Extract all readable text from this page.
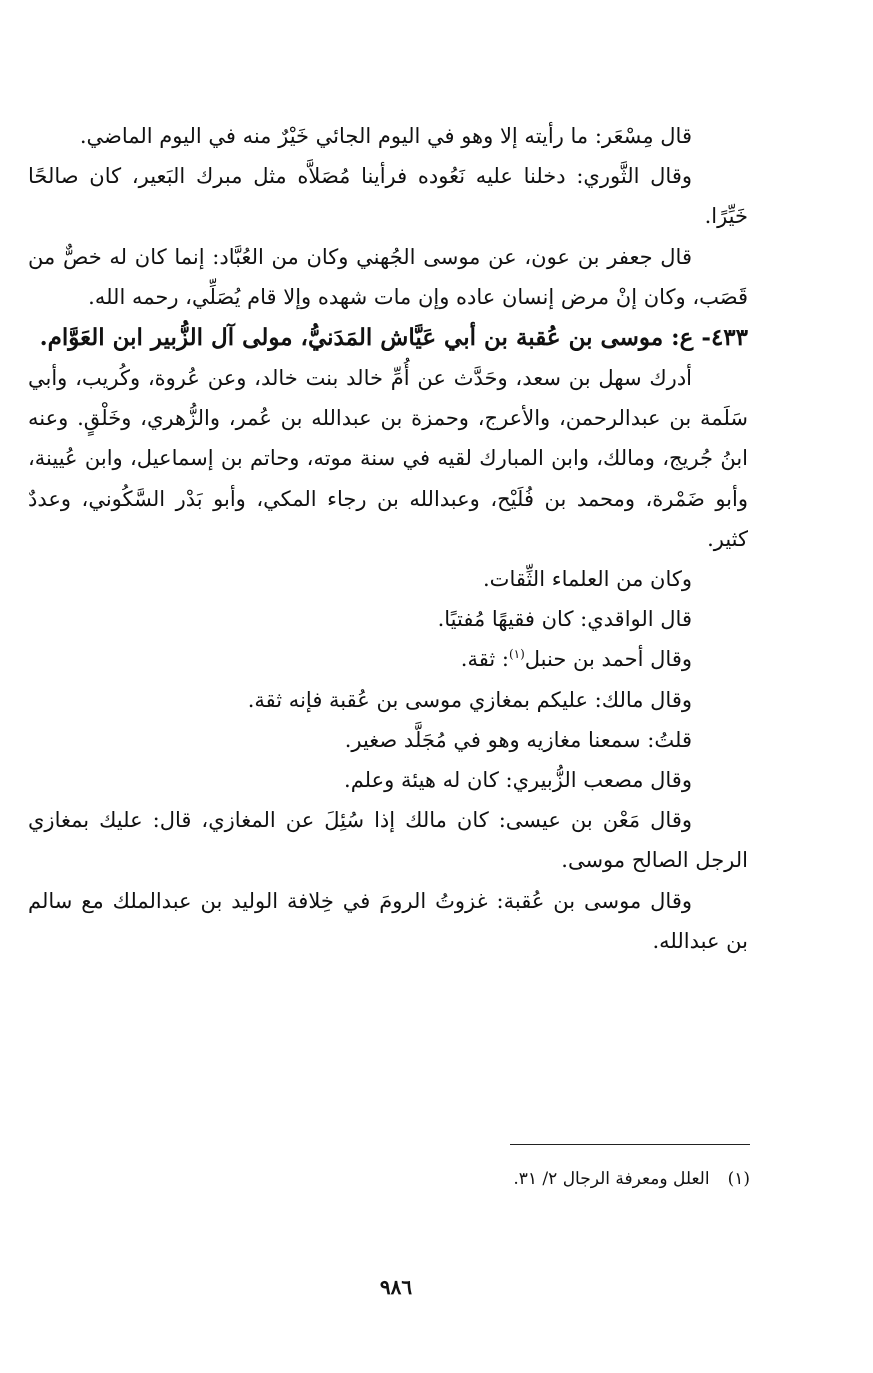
قال مِسْعَر: ما رأيته إلا وهو في اليوم الجائي خَيْرٌ منه في اليوم الماضي.

وقال الثَّوري: دخلنا عليه نَعُوده فرأينا مُصَلاَّه مثل مبرك البَعير، كان صالحًا خَيِّرًا.

قال جعفر بن عون، عن موسى الجُهني وكان من العُبَّاد: إنما كان له خصٌّ من قَصَب، وكان إنْ مرض إنسان عاده وإن مات شهده وإلا قام يُصَلِّي، رحمه الله.

٤٣٣- ع: موسى بن عُقبة بن أبي عَيَّاش المَدَنيُّ، مولى آل الزُّبير ابن العَوَّام.

أدرك سهل بن سعد، وحَدَّث عن أُمِّ خالد بنت خالد، وعن عُروة، وكُريب، وأبي سَلَمة بن عبدالرحمن، والأعرج، وحمزة بن عبدالله بن عُمر، والزُّهري، وخَلْقٍ. وعنه ابنُ جُريج، ومالك، وابن المبارك لقيه في سنة موته، وحاتم بن إسماعيل، وابن عُيينة، وأبو ضَمْرة، ومحمد بن فُلَيْح، وعبدالله بن رجاء المكي، وأبو بَدْر السَّكُوني، وعددٌ كثير.

وكان من العلماء الثِّقات.

قال الواقدي: كان فقيهًا مُفتيًا.

وقال أحمد بن حنبل$^{(١)}$: ثقة.

وقال مالك: عليكم بمغازي موسى بن عُقبة فإنه ثقة.

قلتُ: سمعنا مغازيه وهو في مُجَلَّد صغير.

وقال مصعب الزُّبيري: كان له هيئة وعلم.

وقال مَعْن بن عيسى: كان مالك إذا سُئِلَ عن المغازي، قال: عليك بمغازي الرجل الصالح موسى.

وقال موسى بن عُقبة: غزوتُ الرومَ في خِلافة الوليد بن عبدالملك مع سالم بن عبدالله.

(١)العلل ومعرفة الرجال ٢/ ٣١.
٩٨٦
